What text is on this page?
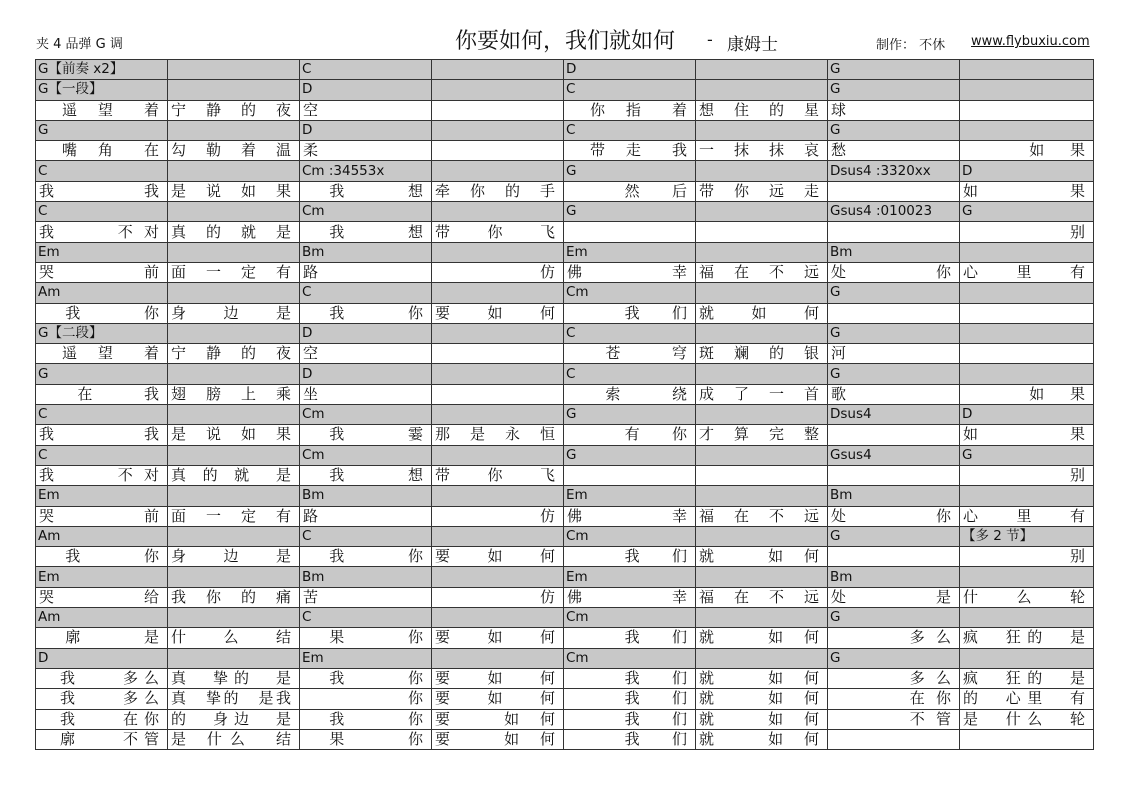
夹 4 品弹 G 调	你要如何，我们就如何 - 康姆士	制作： 不休 www.flybuxiu.com
G【前奏 x2】		C		D		G	
G【一段】		D		C		G	
　遥 望　着	宁 静 的 夜	空		　你 指　着	想 住 的 星	球	
G		D		C		G	
　嘴 角　在	勾 勒 着 温	柔		　带 走　我	一 抹 抹 哀	愁	　　 如 果
C		Cm :34553x		G		Dsus4 :3320xx	D
我　　　我	是 说 如 果	　我　　想	牵 你 的 手	　　然 后	带 你 远 走		如　　果
C		Cm		G		Gsus4 :010023	G
我　　不对	真 的 就 是	　我　　想	带　你　飞				　　　别
Em		Bm		Em		Bm	
哭　　　前	面 一 定 有	路	　　　　仿	佛　　　幸	福 在 不 远	处　　　你	心　里　有
Am		C		Cm		G	
　我　　你	身　边　是	　我　　你	要　如　何	　　我 们	就　如　何		
G【二段】		D		C		G	
　遥 望　着	宁 静 的 夜	空		　苍 穹	斑 斓 的 银	河	
G		D		C		G	
　在 我	翅 膀 上 乘	坐		　索 绕	成 了 一 首	歌	　　 如 果
C		Cm		G		Dsus4	D
我　　　我	是 说 如 果	　我　　霎	那 是 永 恒	　　有 你	才 算 完 整		如　　果
C		Cm		G		Gsus4	G
我　　不对	真 的 就　是	　我　　想	带　你　飞				　　　别
Em		Bm		Em		Bm	
哭　　　前	面 一 定 有	路	　　　　仿	佛　　　幸	福 在 不 远	处　　　你	心　里　有
Am		C		Cm		G	【多 2 节】
　我　　你	身　边　是	　我　　你	要　如　何	　　我 们	就　　如 何		　　　别
Em		Bm		Em		Bm	
哭　　　给	我 你 的 痛	苦	　　　　仿	佛　　　幸	福 在 不 远	处　　　是	什　么　轮
Am		C		Cm		G	
　廓　　是	什　么　结	　果　　你	要　如　何	　　我 们	就　　如 何	　　　多么	疯　狂的　是
D		Em		Cm		G	
　我　　多么	真　挚的　是	　我　　你	要　如　何	　　我 们	就　　如 何	　　　多么	疯　狂的　是
　我　　多么	真　挚的　是我	　　　　你	要　如　何	　　我 们	就　　如 何	　　　在你	的　心里　有
　我　　在你	的　身边　是	　我　　你	要　　如 何	　　我 们	就　　如 何	　　　不管	是　什么　轮
　廓　　不管	是 什么　结	　果　　你	要　　如 何	　　我 们	就　　如 何		
